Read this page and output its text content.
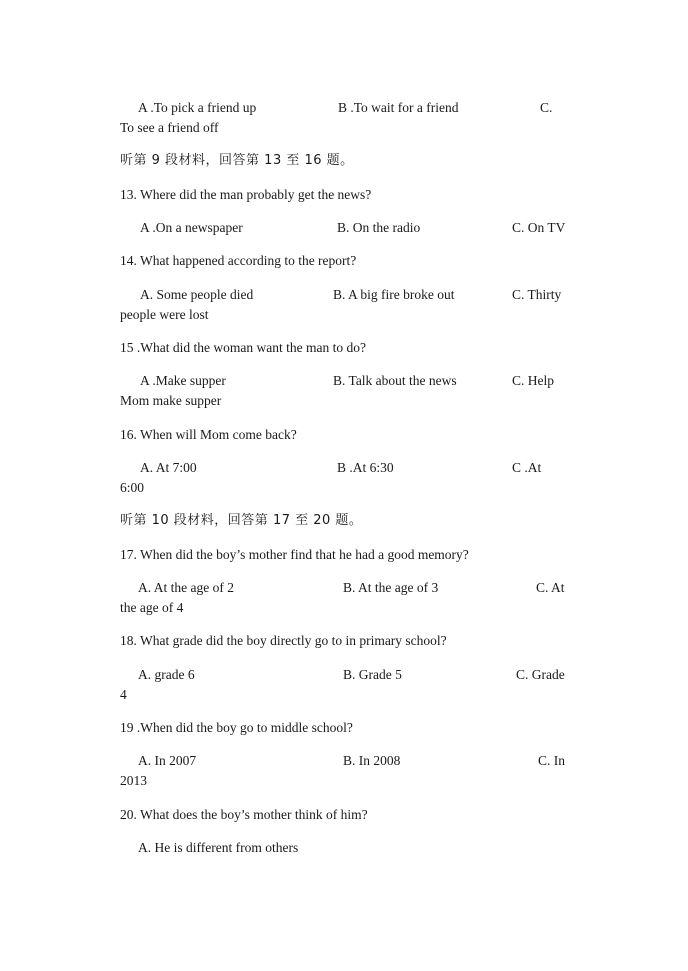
A .To pick a friend up	B .To wait for a friend	C.
To see a friend off
听第 9 段材料，回答第 13 至 16 题。
13. Where did the man probably get the news?
A .On a newspaper	B. On the radio	C. On TV
14. What happened according to the report?
A. Some people died	B. A big fire broke out	C. Thirty
people were lost
15 .What did the woman want the man to do?
A .Make supper	B. Talk about the news	C. Help
Mom make supper
16. When will Mom come back?
A. At 7:00	B .At 6:30	C .At
6:00
听第 10 段材料，回答第 17 至 20 题。
17. When did the boy’s mother find that he had a good memory?
A. At the age of 2	B. At the age of 3	C. At
the age of 4
18. What grade did the boy directly go to in primary school?
A. grade 6	B. Grade 5	C. Grade
4
19 .When did the boy go to middle school?
A. In 2007	B. In 2008	C. In
2013
20. What does the boy’s mother think of him?
A. He is different from others
